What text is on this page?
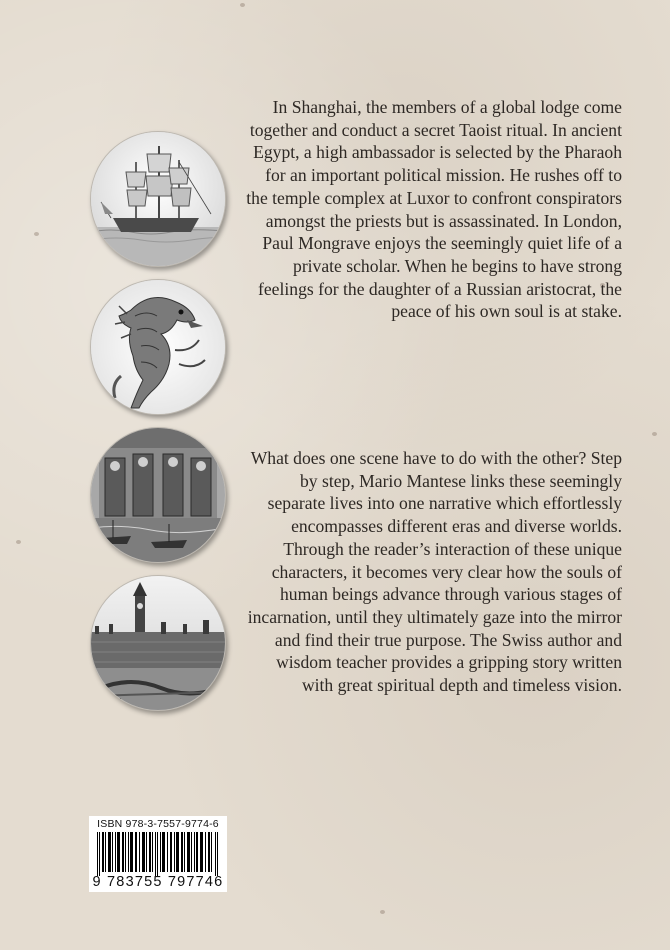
In Shanghai, the members of a global lodge come together and conduct a secret Taoist ritual. In ancient Egypt, a high ambassador is selected by the Pharaoh for an important political mission. He rushes off to the temple complex at Luxor to confront conspirators amongst the priests but is assassinated. In London, Paul Mongrave enjoys the seemingly quiet life of a private scholar. When he begins to have strong feelings for the daughter of a Russian aristocrat, the peace of his own soul is at stake.

What does one scene have to do with the other? Step by step, Mario Mantese links these seemingly separate lives into one narrative which effortlessly encompasses different eras and diverse worlds. Through the reader’s interaction of these unique characters, it becomes very clear how the souls of human beings advance through various stages of incarnation, until they ultimately gaze into the mirror and find their true purpose. The Swiss author and wisdom teacher provides a gripping story written with great spiritual depth and timeless vision.

ISBN 978-3-7557-9774-6
9 783755 797746
